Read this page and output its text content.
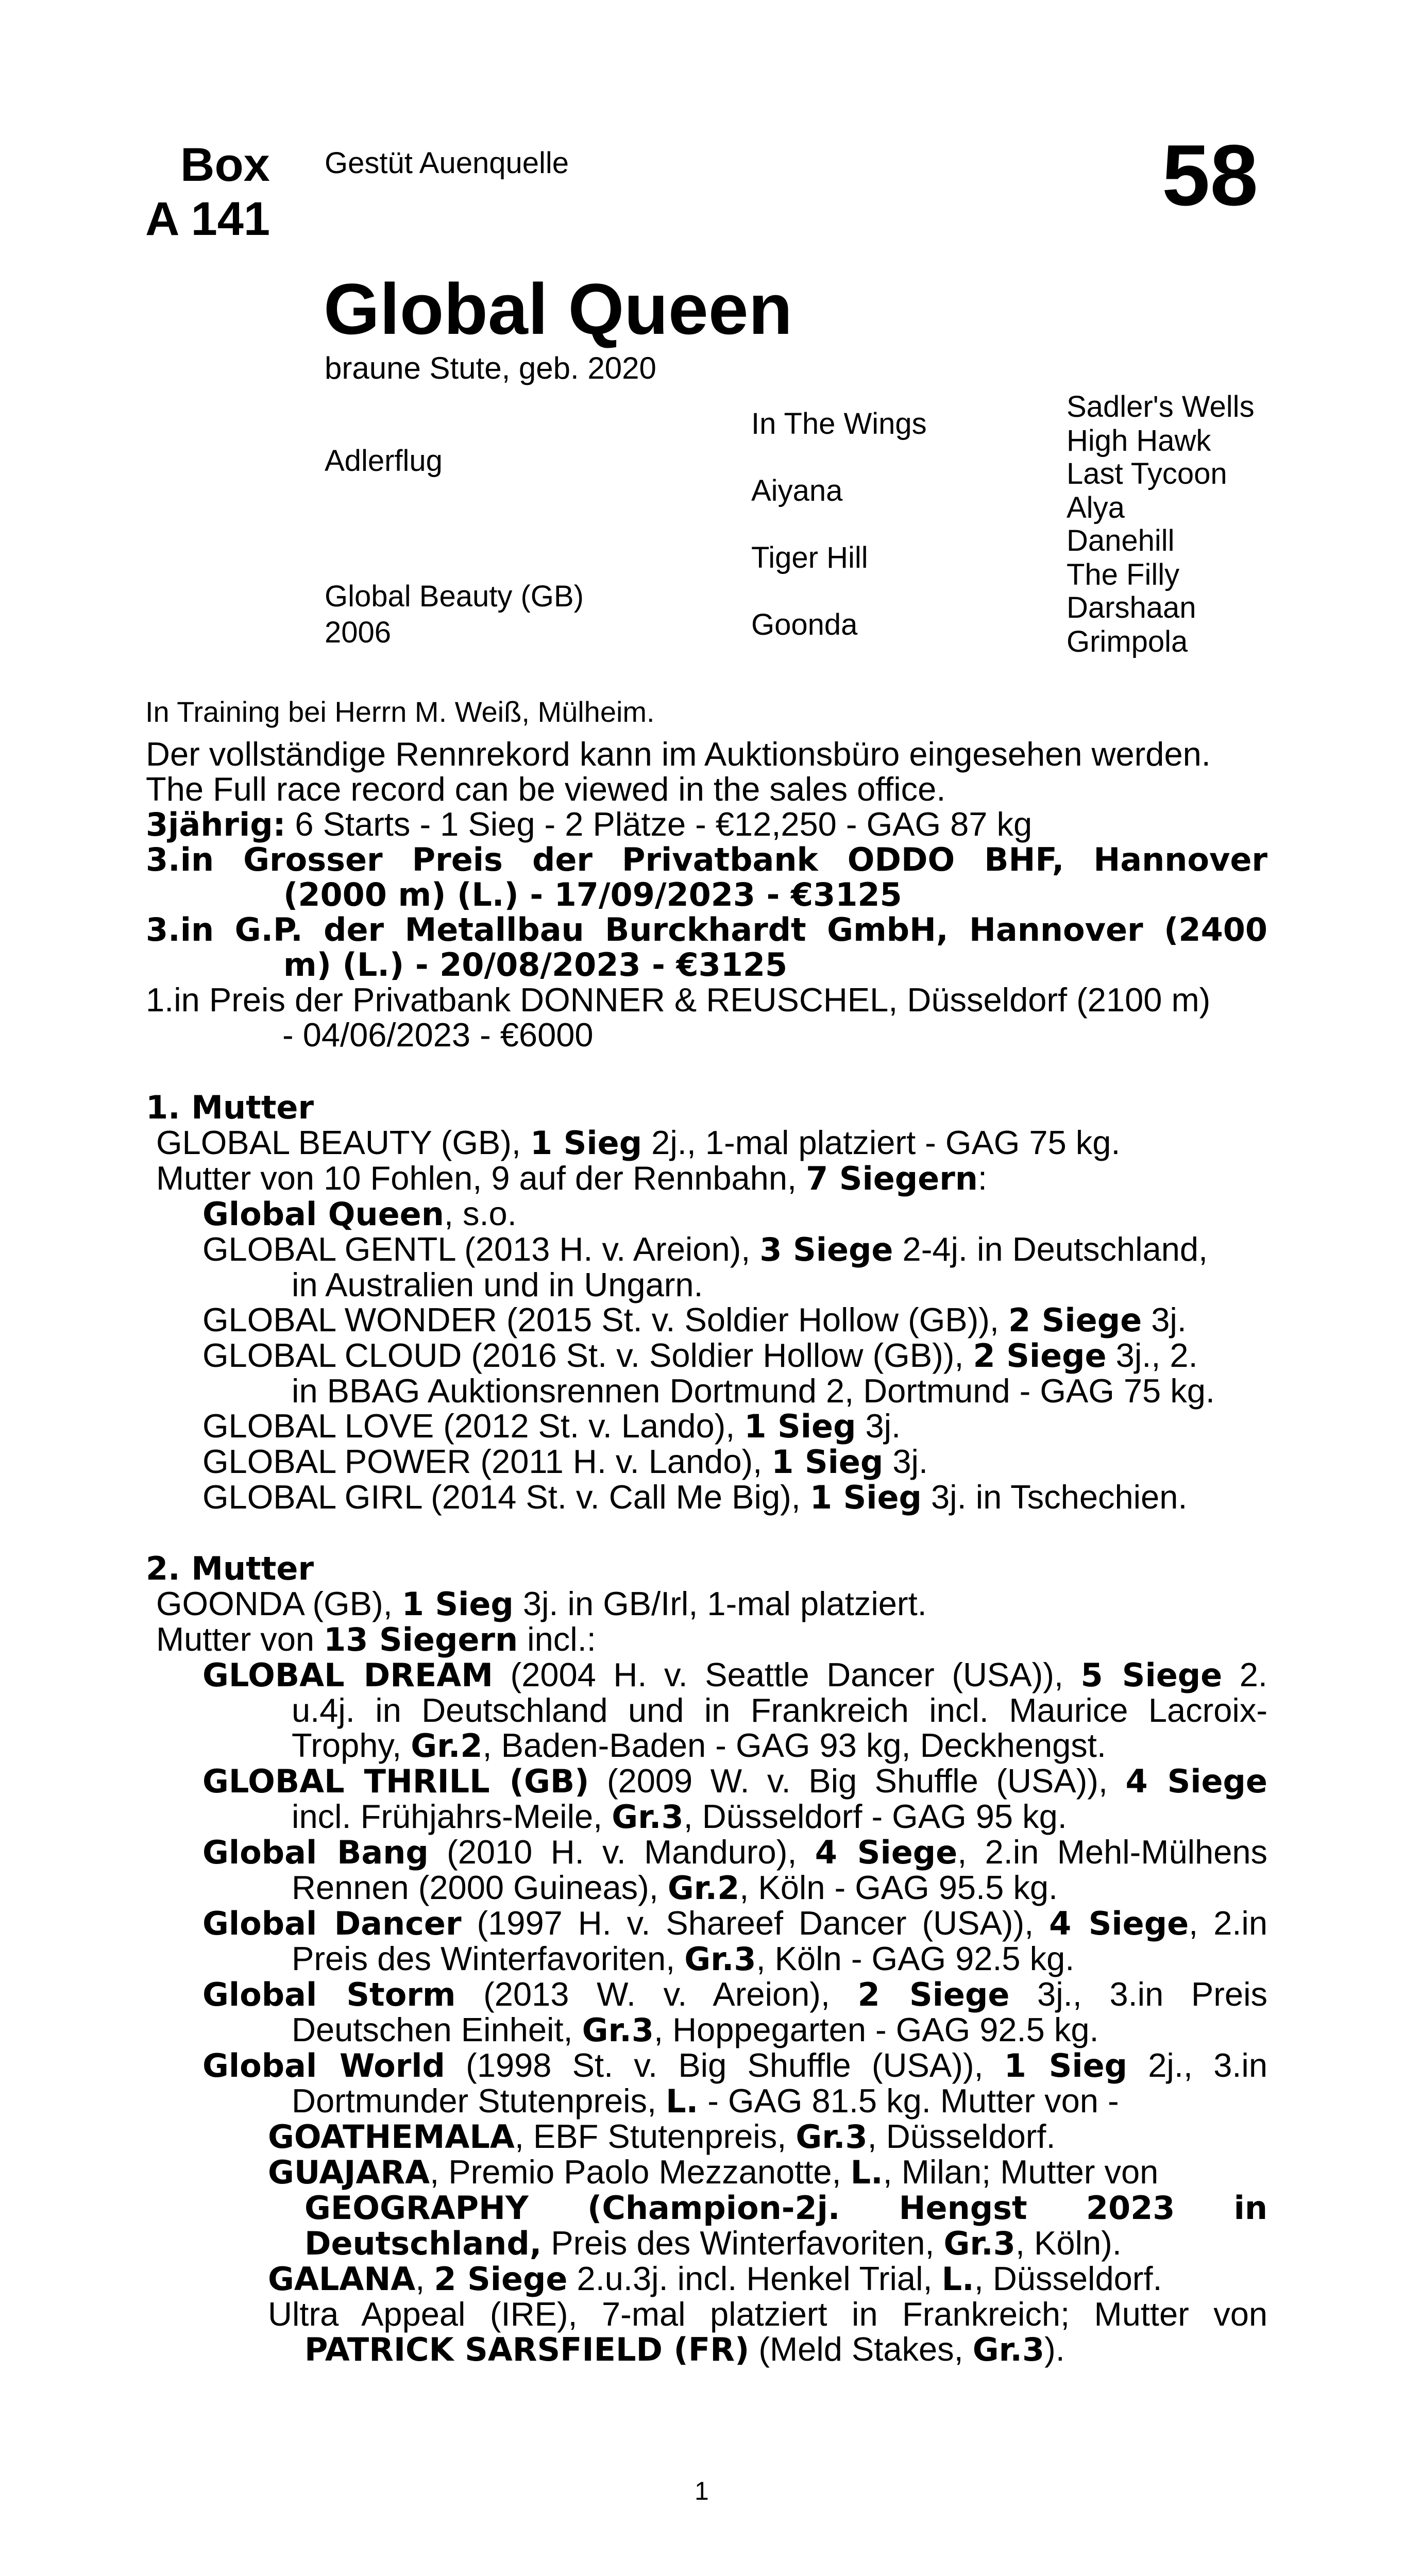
Box
A 141
Gestüt Auenquelle	58
Global Queen
braune Stute, geb. 2020
Adlerflug
Global Beauty (GB)
2006
In The Wings
Aiyana
Tiger Hill
Goonda
Sadler's Wells
High Hawk
Last Tycoon
Alya
Danehill
The Filly
Darshaan
Grimpola
In Training bei Herrn M. Weiß, Mülheim.
Der vollständige Rennrekord kann im Auktionsbüro eingesehen werden.
The Full race record can be viewed in the sales office.
3jährig: 6 Starts - 1 Sieg - 2 Plätze - €12,250 - GAG 87 kg
3.in Grosser Preis der Privatbank ODDO BHF, Hannover
(2000 m) (L.) - 17/09/2023 - €3125
3.in G.P. der Metallbau Burckhardt GmbH, Hannover (2400
m) (L.) - 20/08/2023 - €3125
1.in Preis der Privatbank DONNER & REUSCHEL, Düsseldorf (2100 m)
- 04/06/2023 - €6000
1. Mutter
GLOBAL BEAUTY (GB), 1 Sieg 2j., 1-mal platziert - GAG 75 kg.
Mutter von 10 Fohlen, 9 auf der Rennbahn, 7 Siegern:
Global Queen, s.o.
GLOBAL GENTL (2013 H. v. Areion), 3 Siege 2-4j. in Deutschland,
in Australien und in Ungarn.
GLOBAL WONDER (2015 St. v. Soldier Hollow (GB)), 2 Siege 3j.
GLOBAL CLOUD (2016 St. v. Soldier Hollow (GB)), 2 Siege 3j., 2.
in BBAG Auktionsrennen Dortmund 2, Dortmund - GAG 75 kg.
GLOBAL LOVE (2012 St. v. Lando), 1 Sieg 3j.
GLOBAL POWER (2011 H. v. Lando), 1 Sieg 3j.
GLOBAL GIRL (2014 St. v. Call Me Big), 1 Sieg 3j. in Tschechien.
2. Mutter
GOONDA (GB), 1 Sieg 3j. in GB/Irl, 1-mal platziert.
Mutter von 13 Siegern incl.:
GLOBAL DREAM (2004 H. v. Seattle Dancer (USA)), 5 Siege 2.
u.4j. in Deutschland und in Frankreich incl. Maurice Lacroix-
Trophy, Gr.2, Baden-Baden - GAG 93 kg, Deckhengst.
GLOBAL THRILL (GB) (2009 W. v. Big Shuffle (USA)), 4 Siege
incl. Frühjahrs-Meile, Gr.3, Düsseldorf - GAG 95 kg.
Global Bang (2010 H. v. Manduro), 4 Siege, 2.in Mehl-Mülhens
Rennen (2000 Guineas), Gr.2, Köln - GAG 95.5 kg.
Global Dancer (1997 H. v. Shareef Dancer (USA)), 4 Siege, 2.in
Preis des Winterfavoriten, Gr.3, Köln - GAG 92.5 kg.
Global Storm (2013 W. v. Areion), 2 Siege 3j., 3.in Preis
Deutschen Einheit, Gr.3, Hoppegarten - GAG 92.5 kg.
Global World (1998 St. v. Big Shuffle (USA)), 1 Sieg 2j., 3.in
Dortmunder Stutenpreis, L. - GAG 81.5 kg. Mutter von -
GOATHEMALA, EBF Stutenpreis, Gr.3, Düsseldorf.
GUAJARA, Premio Paolo Mezzanotte, L., Milan; Mutter von
GEOGRAPHY (Champion-2j. Hengst 2023 in
Deutschland, Preis des Winterfavoriten, Gr.3, Köln).
GALANA, 2 Siege 2.u.3j. incl. Henkel Trial, L., Düsseldorf.
Ultra Appeal (IRE), 7-mal platziert in Frankreich; Mutter von
PATRICK SARSFIELD (FR) (Meld Stakes, Gr.3).
1
